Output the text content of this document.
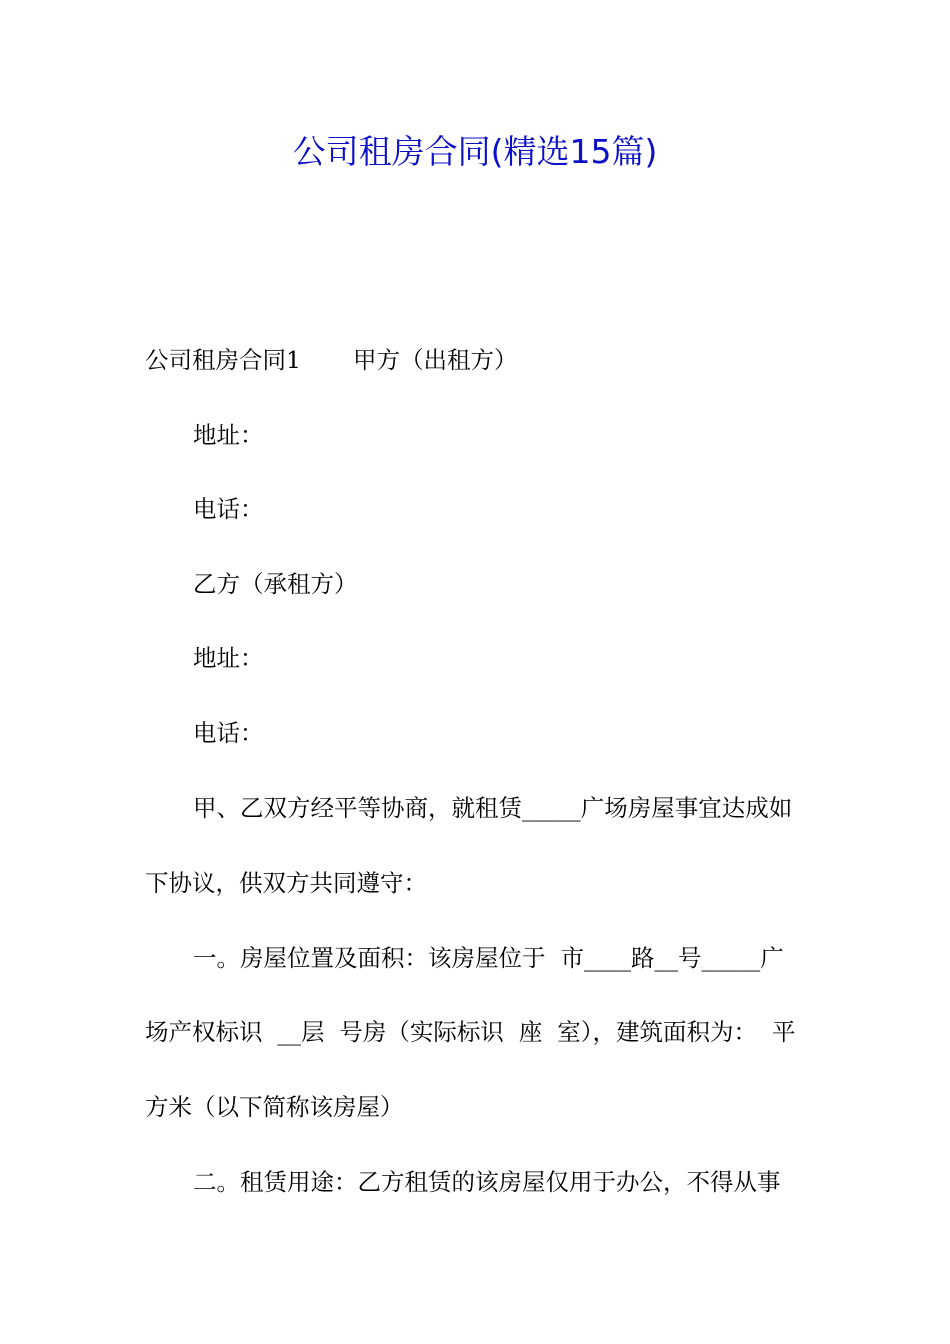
公司租房合同(精选15篇)
公司租房合同1 甲方（出租方）
地址：
电话：
乙方（承租方）
地址：
电话：
甲、乙双方经平等协商，就租赁_____广场房屋事宜达成如
下协议，供双方共同遵守：
一。房屋位置及面积：该房屋位于  市____路__号_____广
场产权标识  __层  号房（实际标识  座  室），建筑面积为：  平
方米（以下简称该房屋）
二。租赁用途：乙方租赁的该房屋仅用于办公，不得从事
